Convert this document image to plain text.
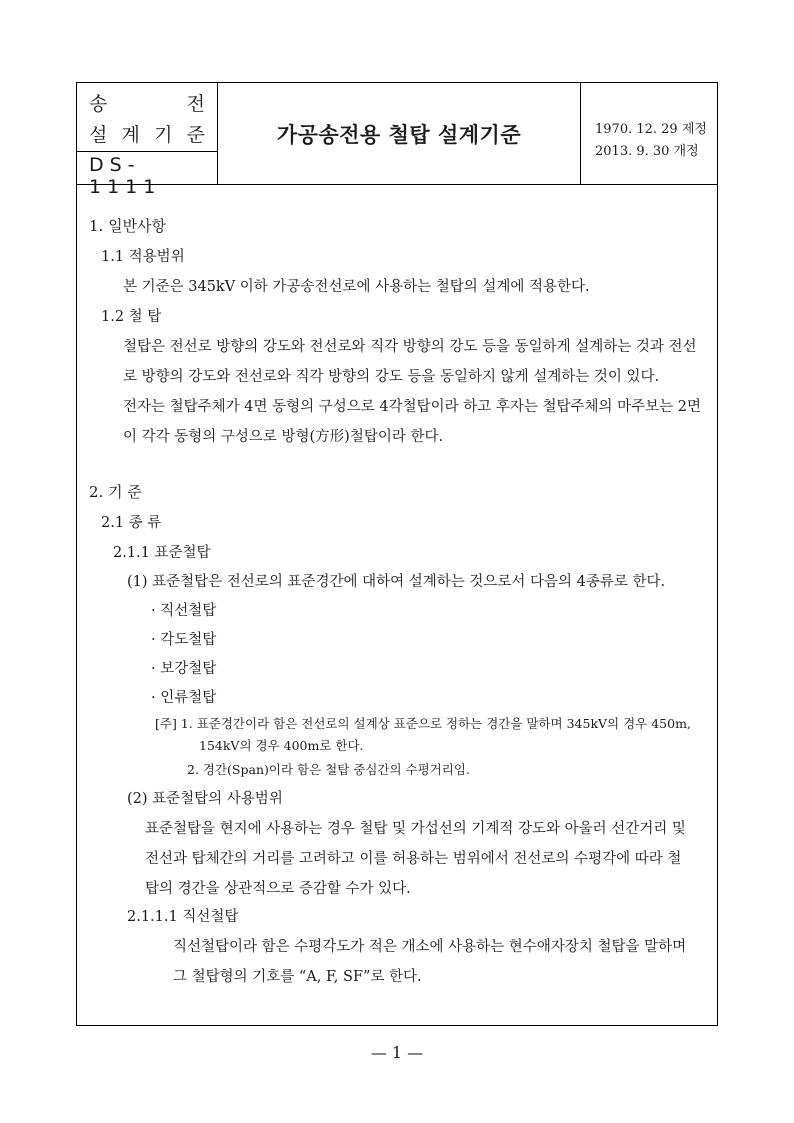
송	전
설 계 기 준
DS-1111
가공송전용 철탑 설계기준	1970. 12. 29 제정
2013. 9. 30 개정
1. 일반사항
1.1 적용범위
본 기준은 345kV 이하 가공송전선로에 사용하는 철탑의 설계에 적용한다.
1.2 철 탑
철탑은 전선로 방향의 강도와 전선로와 직각 방향의 강도 등을 동일하게 설계하는 것과 전선
로 방향의 강도와 전선로와 직각 방향의 강도 등을 동일하지 않게 설계하는 것이 있다.
전자는 철탑주체가 4면 동형의 구성으로 4각철탑이라 하고 후자는 철탑주체의 마주보는 2면
이 각각 동형의 구성으로 방형(方形)철탑이라 한다.
2. 기 준
2.1 종 류
2.1.1 표준철탑
(1) 표준철탑은 전선로의 표준경간에 대하여 설계하는 것으로서 다음의 4종류로 한다.
· 직선철탑
· 각도철탑
· 보강철탑
· 인류철탑
[주] 1. 표준경간이라 함은 전선로의 설계상 표준으로 정하는 경간을 말하며 345kV의 경우 450m,
154kV의 경우 400m로 한다.
2. 경간(Span)이라 함은 철탑 중심간의 수평거리임.
(2) 표준철탑의 사용범위
표준철탑을 현지에 사용하는 경우 철탑 및 가섭선의 기계적 강도와 아울러 선간거리 및
전선과 탑체간의 거리를 고려하고 이를 허용하는 범위에서 전선로의 수평각에 따라 철
탑의 경간을 상관적으로 증감할 수가 있다.
2.1.1.1 직선철탑
직선철탑이라 함은 수평각도가 적은 개소에 사용하는 현수애자장치 철탑을 말하며
그 철탑형의 기호를 “A, F, SF”로 한다.
— 1 —
